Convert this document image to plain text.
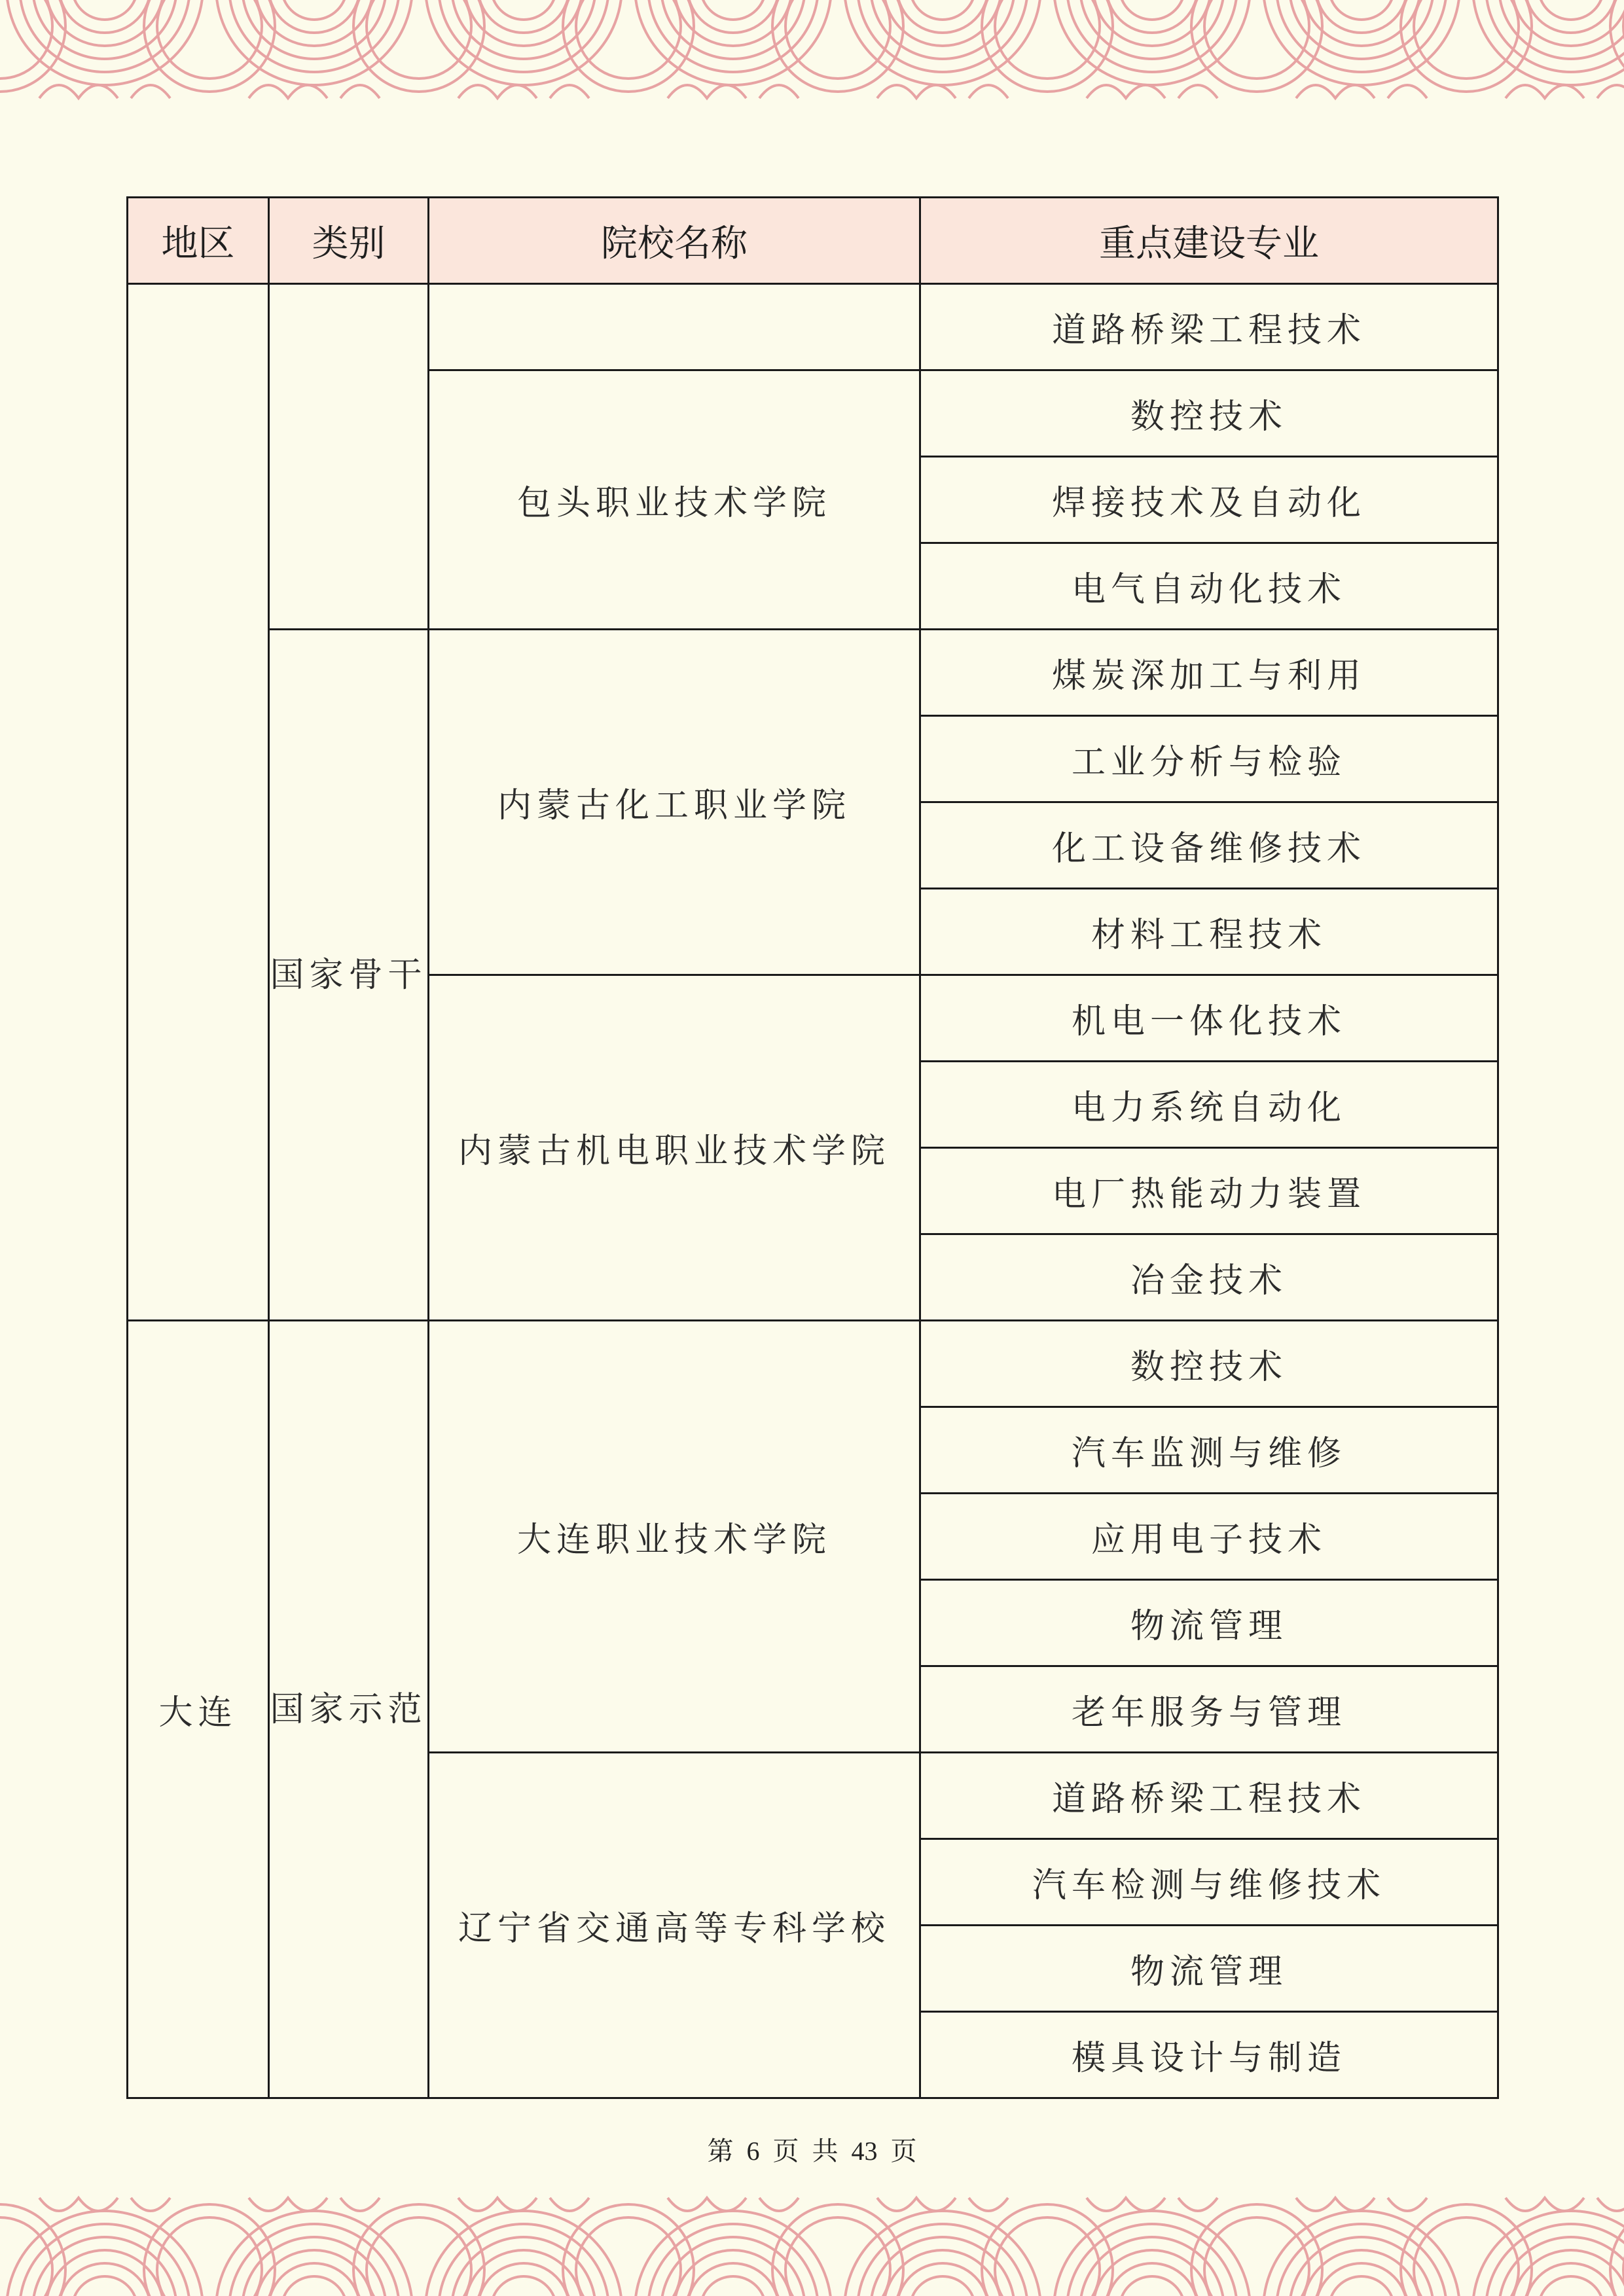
地区	类别	院校名称	重点建设专业
			道路桥梁工程技术
		包头职业技术学院	数控技术
			焊接技术及自动化
			电气自动化技术
	国家骨干	内蒙古化工职业学院	煤炭深加工与利用
			工业分析与检验
			化工设备维修技术
			材料工程技术
		内蒙古机电职业技术学院	机电一体化技术
			电力系统自动化
			电厂热能动力装置
			冶金技术
大连	国家示范	大连职业技术学院	数控技术
			汽车监测与维修
			应用电子技术
			物流管理
			老年服务与管理
		辽宁省交通高等专科学校	道路桥梁工程技术
			汽车检测与维修技术
			物流管理
			模具设计与制造
第 6 页 共 43 页
